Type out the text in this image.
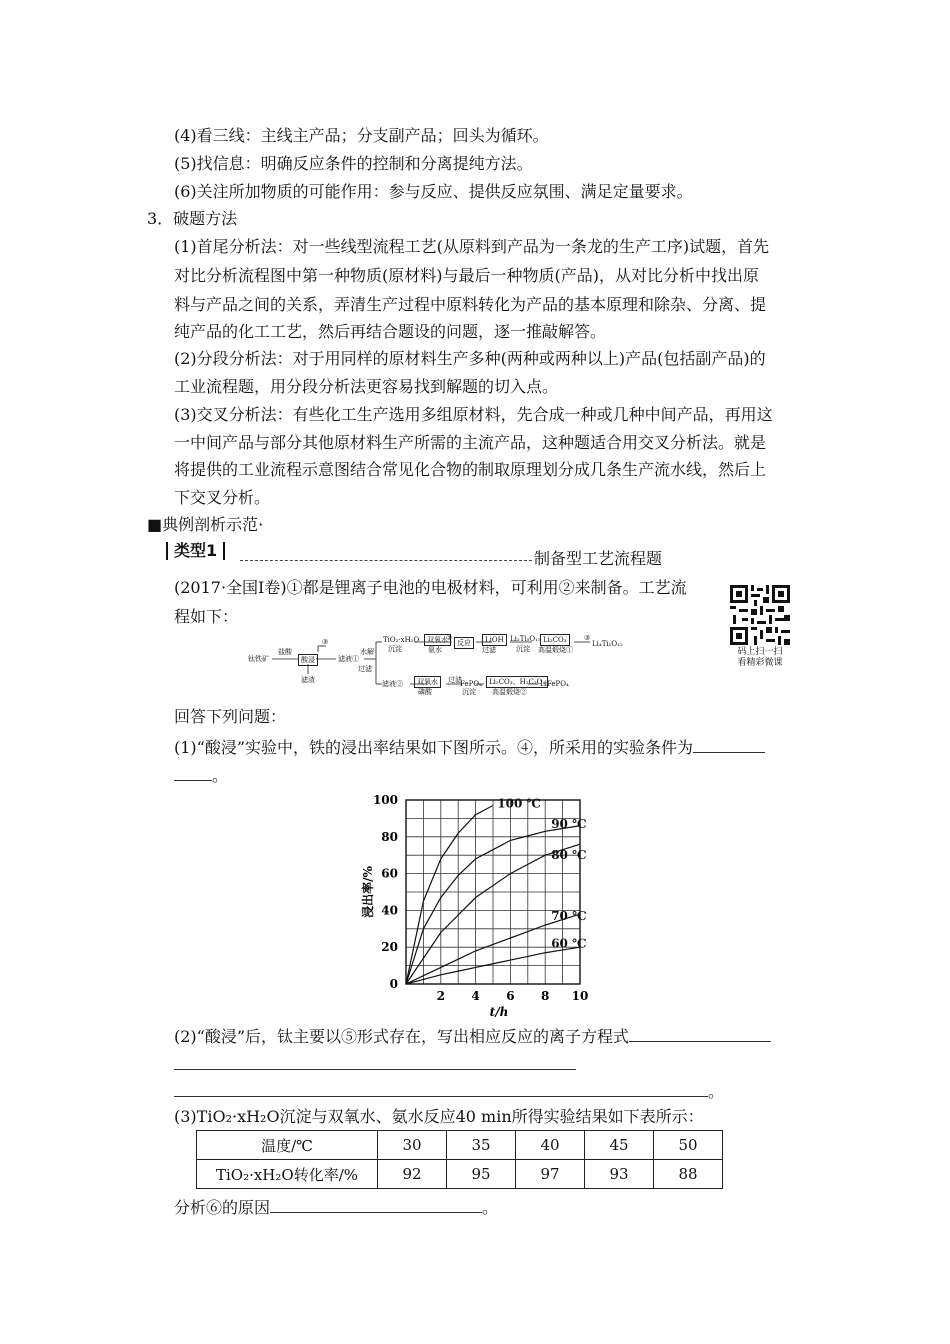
(4)看三线：主线主产品；分支副产品；回头为循环。
(5)找信息：明确反应条件的控制和分离提纯方法。
(6)关注所加物质的可能作用：参与反应、提供反应氛围、满足定量要求。
3．破题方法
(1)首尾分析法：对一些线型流程工艺(从原料到产品为一条龙的生产工序)试题，首先
对比分析流程图中第一种物质(原材料)与最后一种物质(产品)，从对比分析中找出原
料与产品之间的关系，弄清生产过程中原料转化为产品的基本原理和除杂、分离、提
纯产品的化工工艺，然后再结合题设的问题，逐一推敲解答。
(2)分段分析法：对于用同样的原材料生产多种(两种或两种以上)产品(包括副产品)的
工业流程题，用分段分析法更容易找到解题的切入点。
(3)交叉分析法：有些化工生产选用多组原材料，先合成一种或几种中间产品，再用这
一中间产品与部分其他原材料生产所需的主流产品，这种题适合用交叉分析法。就是
将提供的工业流程示意图结合常见化合物的制取原理划分成几条生产流水线，然后上
下交叉分析。
■典例剖析示范·
类型1	制备型工艺流程题
(2017·全国Ⅰ卷)①都是锂离子电池的电极材料，可利用②来制备。工艺流
程如下：
码上扫一扫
看精彩微课
钛铁矿
盐酸
酸浸
滤渣
③
滤液①
水解
过滤
TiO₂·xH₂O
沉淀
双氧水
氨水
③
反应	LiOH
过滤
Li₂Ti₅O₁₅
沉淀
Li₂CO₃
高温煅烧①
③
Li₄Ti₅O₁₂
滤液②	双氧水
磷酸
过滤
FePO₄
沉淀
Li₂CO₃、H₂C₂O₄
高温煅烧②
LiFePO₄
回答下列问题：
(1)“酸浸”实验中，铁的浸出率结果如下图所示。④，所采用的实验条件为
。
0
20
40
60
80
100
2 4 6 8 10
t/h
浸出率/%
100 ℃
90 ℃
80 ℃
70 ℃
60 ℃
(2)“酸浸”后，钛主要以⑤形式存在，写出相应反应的离子方程式
。
(3)TiO₂·xH₂O沉淀与双氧水、氨水反应40 min所得实验结果如下表所示：
温度/℃	30	35	40	45	50
TiO₂·xH₂O转化率/%	92	95	97	93	88
分析⑥的原因	。
